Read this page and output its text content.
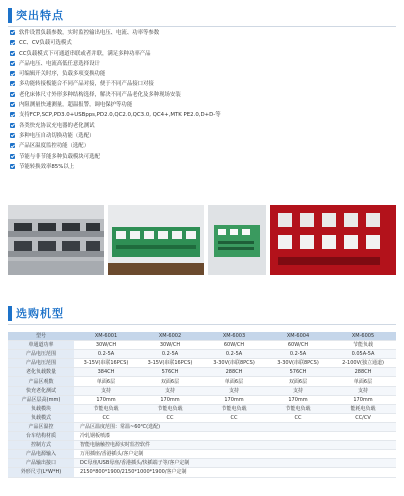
突出特点
软件设置负载参数，实时监控输出电压、电流、功率等参数
CC、CV负载可选模式
CC负载模式下可通道串联或者并联，满足多种功率产品
产品电压、电流高低任意选择设计
可编辑开关时序，负载多项变换功能
多功能转接板能合不同产品对接，便于不同产品接口对接
老化床体尺寸外形多种结构选择，解决不同产品老化及多种现场安装
内阻测量快速测量，超温报警，调电保护等功能
支持FCP,SCP,PD3.0+USBpps,PD2.0,QC2.0,QC3.0, QC4+,MTK PE2.0,D+D-等
各类快充协议充电器的老化测试
多种电压自动切换功能（选配）
产品区温度监控功能（选配）
节能与非节能多种负载模块可选配
节能转换效率85%以上
选购机型
型号	XM-6001	XM-6002	XM-6003	XM-6004	XM-6005
单通道功率	30W/CH	30W/CH	60W/CH	60W/CH	节能负载
产品电压范围	0.2-5A	0.2-5A	0.2-5A	0.2-5A	0.05A-5A
产品电压范围	3-15V(串联16PCS)	3-15V(串联16PCS)	3-30V(串联8PCS)	3-30V(串联8PCS)	2-100V(独立通道)
老化负载数量	384CH	576CH	288CH	576CH	288CH
产品区观数	单面6层	双面6层	单面6层	双面6层	单面6层
快充老化测试	支持	支持	支持	支持	支持
产品区层高(mm)	170mm	170mm	170mm	170mm	170mm
负载模块	节能电负载	节能电负载	节能电负载	节能电负载	能耗电负载
负载模式	CC	CC	CC	CC	CC/CV
产品区温控	产品区温度范围：常温~60℃(选配)				
台车结构材质	冷轧钢板喷漆				
控制方式	智能电脑触控电源实时监控软件				
产品电源输入	万用插座/香港插头/客户定制				
产品输出接口	DC母座/USB母座/香港插头/快插端子等/客户定制				
外形尺寸(L*W*H)	2150*800*1900/2150*1000*1900/客户定制				
